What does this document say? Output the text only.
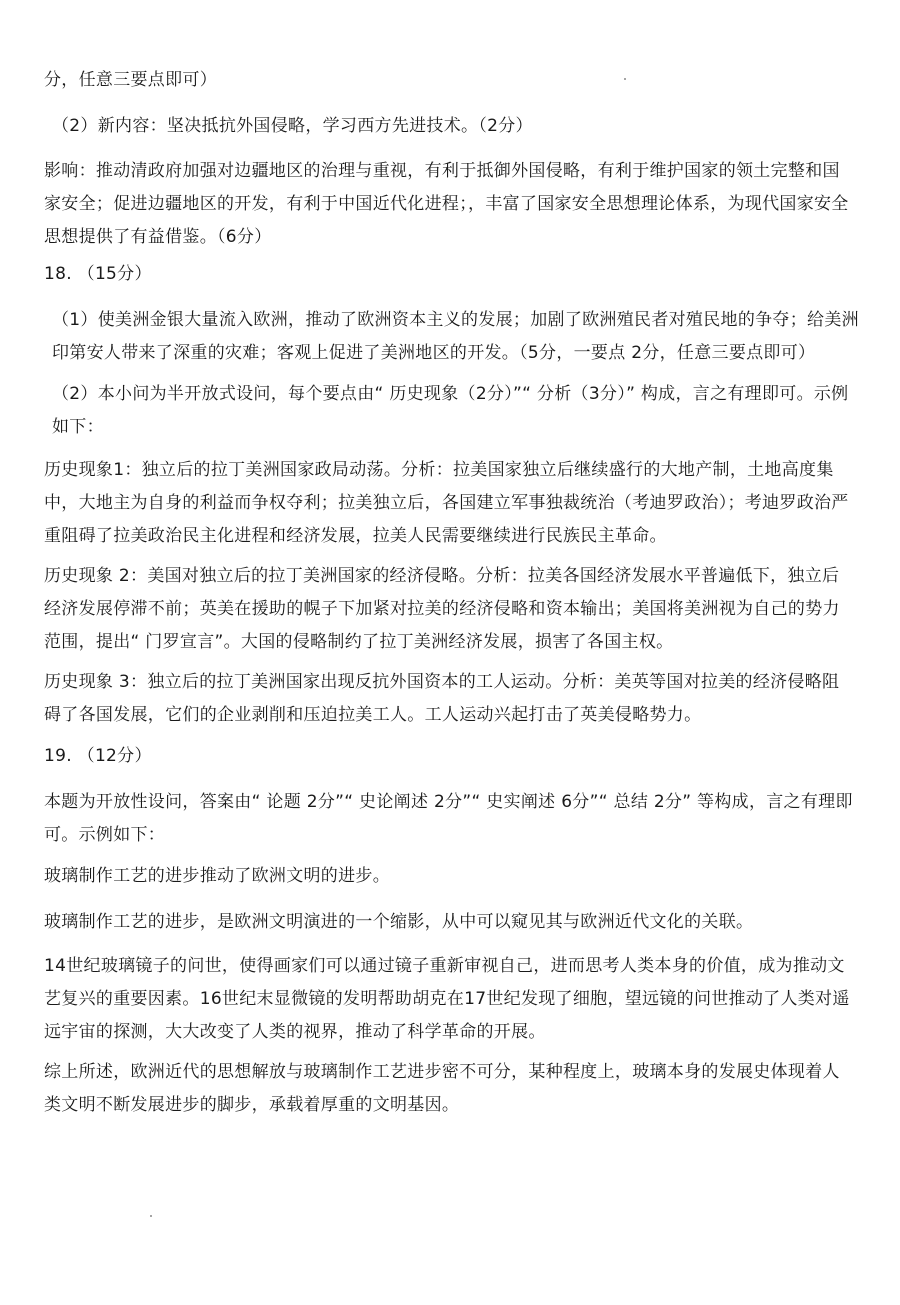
分，任意三要点即可）

（2）新内容：坚决抵抗外国侵略，学习西方先进技术。（2分）

影响：推动清政府加强对边疆地区的治理与重视，有利于抵御外国侵略，有利于维护国家的领土完整和国家安全；促进边疆地区的开发，有利于中国近代化进程；，丰富了国家安全思想理论体系，为现代国家安全思想提供了有益借鉴。（6分）

18. （15分）

（1）使美洲金银大量流入欧洲，推动了欧洲资本主义的发展；加剧了欧洲殖民者对殖民地的争夺；给美洲印第安人带来了深重的灾难；客观上促进了美洲地区的开发。（5分，一要点 2分，任意三要点即可）

（2）本小问为半开放式设问，每个要点由“ 历史现象（2分）”“ 分析（3分）” 构成，言之有理即可。示例如下：

历史现象1：独立后的拉丁美洲国家政局动荡。分析：拉美国家独立后继续盛行的大地产制，土地高度集中，大地主为自身的利益而争权夺利；拉美独立后，各国建立军事独裁统治（考迪罗政治）；考迪罗政治严重阻碍了拉美政治民主化进程和经济发展，拉美人民需要继续进行民族民主革命。

历史现象 2：美国对独立后的拉丁美洲国家的经济侵略。分析：拉美各国经济发展水平普遍低下，独立后经济发展停滞不前；英美在援助的幌子下加紧对拉美的经济侵略和资本输出；美国将美洲视为自己的势力范围，提出“ 门罗宣言”。大国的侵略制约了拉丁美洲经济发展，损害了各国主权。

历史现象 3：独立后的拉丁美洲国家出现反抗外国资本的工人运动。分析：美英等国对拉美的经济侵略阻碍了各国发展，它们的企业剥削和压迫拉美工人。工人运动兴起打击了英美侵略势力。

19. （12分）

本题为开放性设问，答案由“ 论题 2分”“ 史论阐述 2分”“ 史实阐述 6分”“ 总结 2分” 等构成，言之有理即可。示例如下：

玻璃制作工艺的进步推动了欧洲文明的进步。

玻璃制作工艺的进步，是欧洲文明演进的一个缩影，从中可以窥见其与欧洲近代文化的关联。

14世纪玻璃镜子的问世，使得画家们可以通过镜子重新审视自己，进而思考人类本身的价值，成为推动文艺复兴的重要因素。16世纪末显微镜的发明帮助胡克在17世纪发现了细胞，望远镜的问世推动了人类对遥远宇宙的探测，大大改变了人类的视界，推动了科学革命的开展。

综上所述，欧洲近代的思想解放与玻璃制作工艺进步密不可分，某种程度上，玻璃本身的发展史体现着人类文明不断发展进步的脚步，承载着厚重的文明基因。
